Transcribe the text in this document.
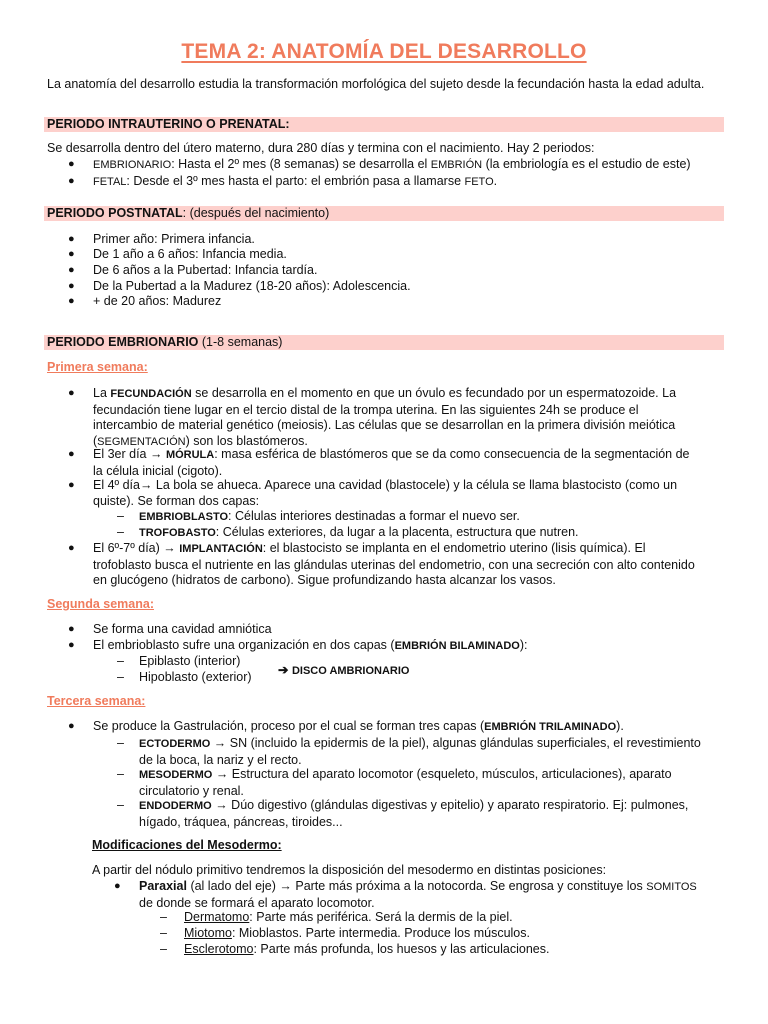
TEMA 2: ANATOMÍA DEL DESARROLLO
La anatomía del desarrollo estudia la transformación morfológica del sujeto desde la fecundación hasta la edad adulta.
PERIODO INTRAUTERINO O PRENATAL:
Se desarrolla dentro del útero materno, dura 280 días y termina con el nacimiento. Hay 2 periodos:
● EMBRIONARIO: Hasta el 2º mes (8 semanas) se desarrolla el EMBRIÓN (la embriología es el estudio de este)
● FETAL: Desde el 3º mes hasta el parto: el embrión pasa a llamarse FETO.
PERIODO POSTNATAL: (después del nacimiento)
● Primer año: Primera infancia.
● De 1 año a 6 años: Infancia media.
● De 6 años a la Pubertad: Infancia tardía.
● De la Pubertad a la Madurez (18-20 años): Adolescencia.
● + de 20 años: Madurez
PERIODO EMBRIONARIO (1-8 semanas)
Primera semana:
● La FECUNDACIÓN se desarrolla en el momento en que un óvulo es fecundado por un espermatozoide. La
fecundación tiene lugar en el tercio distal de la trompa uterina. En las siguientes 24h se produce el
intercambio de material genético (meiosis). Las células que se desarrollan en la primera división meiótica
(SEGMENTACIÓN) son los blastómeros.
● El 3er día → MÓRULA: masa esférica de blastómeros que se da como consecuencia de la segmentación de
la célula inicial (cigoto).
● El 4º día→ La bola se ahueca. Aparece una cavidad (blastocele) y la célula se llama blastocisto (como un
quiste). Se forman dos capas:
– EMBRIOBLASTO: Células interiores destinadas a formar el nuevo ser.
– TROFOBASTO: Células exteriores, da lugar a la placenta, estructura que nutren.
● El 6º-7º día) → IMPLANTACIÓN: el blastocisto se implanta en el endometrio uterino (lisis química). El
trofoblasto busca el nutriente en las glándulas uterinas del endometrio, con una secreción con alto contenido
en glucógeno (hidratos de carbono). Sigue profundizando hasta alcanzar los vasos.
Segunda semana:
● Se forma una cavidad amniótica
● El embrioblasto sufre una organización en dos capas (EMBRIÓN BILAMINADO):
– Epiblasto (interior)
– Hipoblasto (exterior)	➔ DISCO AMBRIONARIO
Tercera semana:
● Se produce la Gastrulación, proceso por el cual se forman tres capas (EMBRIÓN TRILAMINADO).
– ECTODERMO → SN (incluido la epidermis de la piel), algunas glándulas superficiales, el revestimiento
de la boca, la nariz y el recto.
– MESODERMO → Estructura del aparato locomotor (esqueleto, músculos, articulaciones), aparato
circulatorio y renal.
– ENDODERMO → Dúo digestivo (glándulas digestivas y epitelio) y aparato respiratorio. Ej: pulmones,
hígado, tráquea, páncreas, tiroides...
Modificaciones del Mesodermo:
A partir del nódulo primitivo tendremos la disposición del mesodermo en distintas posiciones:
● Paraxial (al lado del eje) → Parte más próxima a la notocorda. Se engrosa y constituye los SOMITOS
de donde se formará el aparato locomotor.
– Dermatomo: Parte más periférica. Será la dermis de la piel.
– Miotomo: Mioblastos. Parte intermedia. Produce los músculos.
– Esclerotomo: Parte más profunda, los huesos y las articulaciones.
